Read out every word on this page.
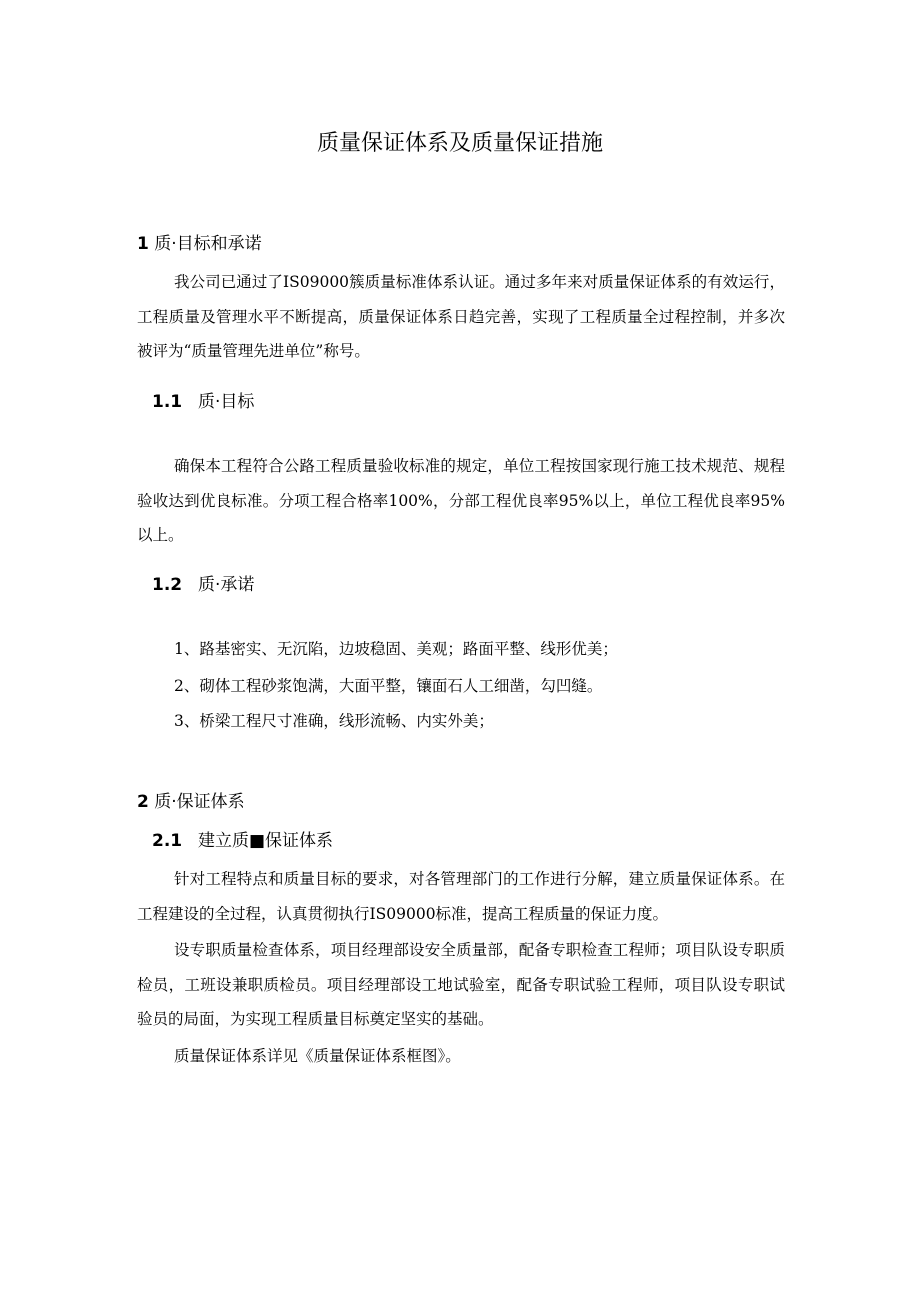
质量保证体系及质量保证措施
1 质·目标和承诺

我公司已通过了IS09000簇质量标准体系认证。通过多年来对质量保证体系的有效运行，工程质量及管理水平不断提高，质量保证体系日趋完善，实现了工程质量全过程控制，并多次被评为“质量管理先进单位”称号。

1.1 质·目标

确保本工程符合公路工程质量验收标准的规定，单位工程按国家现行施工技术规范、规程验收达到优良标准。分项工程合格率100%，分部工程优良率95%以上，单位工程优良率95%以上。

1.2 质·承诺

1、路基密实、无沉陷，边坡稳固、美观；路面平整、线形优美；

2、砌体工程砂浆饱满，大面平整，镶面石人工细凿，勾凹缝。

3、桥梁工程尺寸准确，线形流畅、内实外美；

2 质·保证体系
2.1 建立质■保证体系

针对工程特点和质量目标的要求，对各管理部门的工作进行分解，建立质量保证体系。在工程建设的全过程，认真贯彻执行IS09000标准，提高工程质量的保证力度。

设专职质量检查体系，项目经理部设安全质量部，配备专职检查工程师；项目队设专职质检员，工班设兼职质检员。项目经理部设工地试验室，配备专职试验工程师，项目队设专职试验员的局面，为实现工程质量目标奠定坚实的基础。

质量保证体系详见《质量保证体系框图》。
